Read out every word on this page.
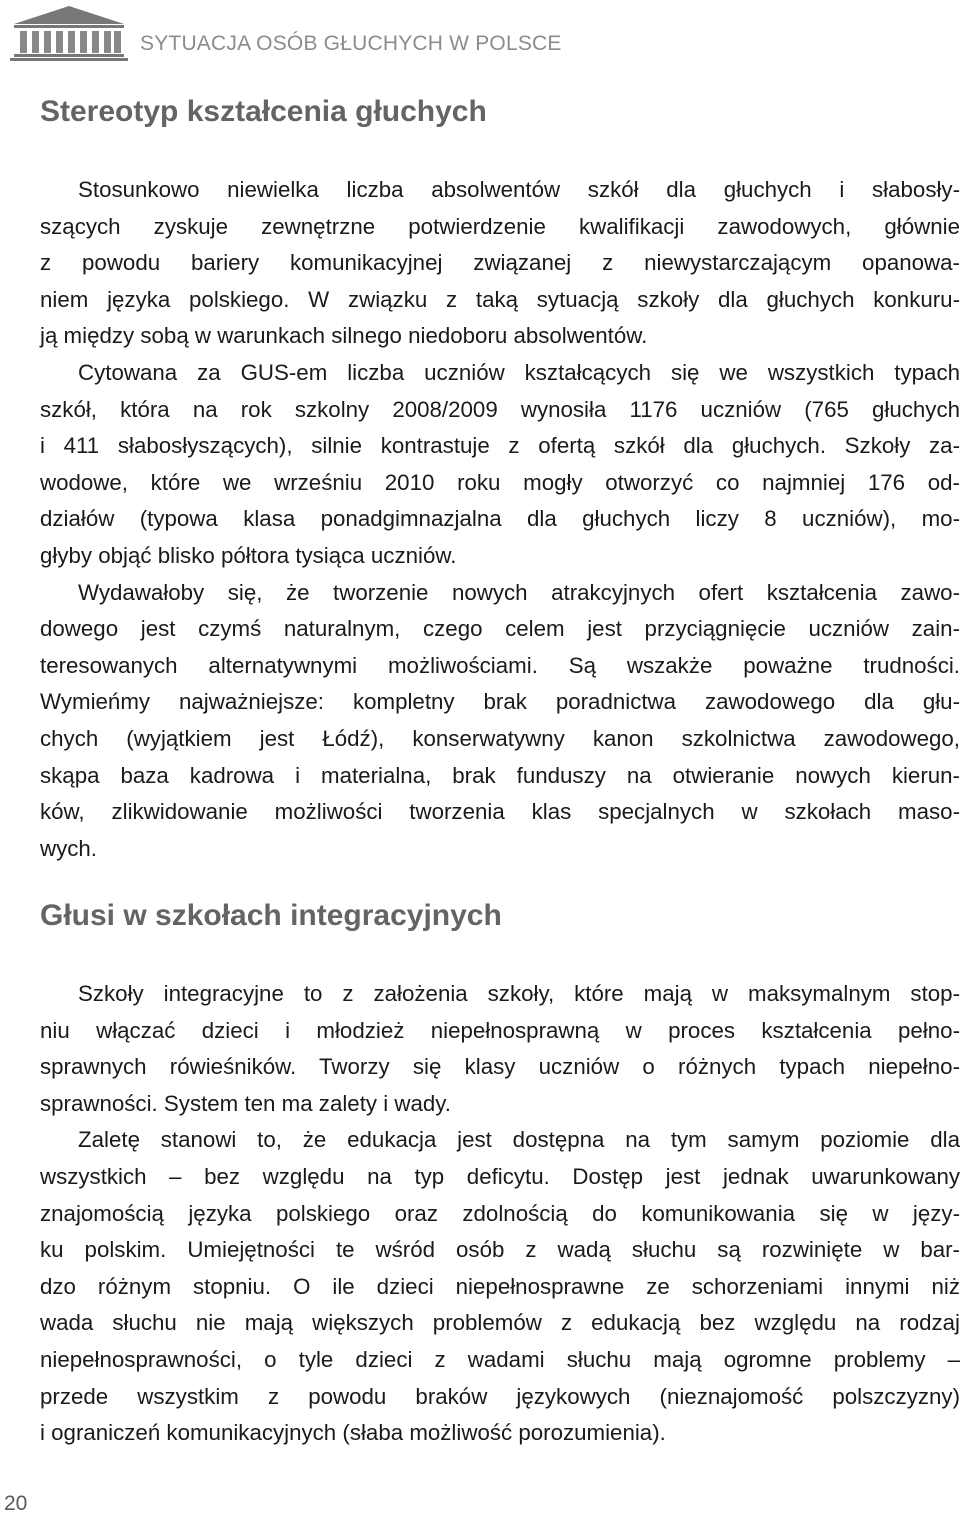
SYTUACJA OSÓB GŁUCHYCH W POLSCE
Stereotyp kształcenia głuchych

Stosunkowo niewielka liczba absolwentów szkół dla głuchych i słabosły-
szących zyskuje zewnętrzne potwierdzenie kwalifikacji zawodowych, głównie
z powodu bariery komunikacyjnej związanej z niewystarczającym opanowa-
niem języka polskiego. W związku z taką sytuacją szkoły dla głuchych konkuru-
ją między sobą w warunkach silnego niedoboru absolwentów.

Cytowana za GUS-em liczba uczniów kształcących się we wszystkich typach
szkół, która na rok szkolny 2008/2009 wynosiła 1176 uczniów (765 głuchych
i 411 słabosłyszących), silnie kontrastuje z ofertą szkół dla głuchych. Szkoły za-
wodowe, które we wrześniu 2010 roku mogły otworzyć co najmniej 176 od-
działów (typowa klasa ponadgimnazjalna dla głuchych liczy 8 uczniów), mo-
głyby objąć blisko półtora tysiąca uczniów.

Wydawałoby się, że tworzenie nowych atrakcyjnych ofert kształcenia zawo-
dowego jest czymś naturalnym, czego celem jest przyciągnięcie uczniów zain-
teresowanych alternatywnymi możliwościami. Są wszakże poważne trudności.
Wymieńmy najważniejsze: kompletny brak poradnictwa zawodowego dla głu-
chych (wyjątkiem jest Łódź), konserwatywny kanon szkolnictwa zawodowego,
skąpa baza kadrowa i materialna, brak funduszy na otwieranie nowych kierun-
ków, zlikwidowanie możliwości tworzenia klas specjalnych w szkołach maso-
wych.

Głusi w szkołach integracyjnych

Szkoły integracyjne to z założenia szkoły, które mają w maksymalnym stop-
niu włączać dzieci i młodzież niepełnosprawną w proces kształcenia pełno-
sprawnych rówieśników. Tworzy się klasy uczniów o różnych typach niepełno-
sprawności. System ten ma zalety i wady.

Zaletę stanowi to, że edukacja jest dostępna na tym samym poziomie dla
wszystkich – bez względu na typ deficytu. Dostęp jest jednak uwarunkowany
znajomością języka polskiego oraz zdolnością do komunikowania się w języ-
ku polskim. Umiejętności te wśród osób z wadą słuchu są rozwinięte w bar-
dzo różnym stopniu. O ile dzieci niepełnosprawne ze schorzeniami innymi niż
wada słuchu nie mają większych problemów z edukacją bez względu na rodzaj
niepełnosprawności, o tyle dzieci z wadami słuchu mają ogromne problemy –
przede wszystkim z powodu braków językowych (nieznajomość polszczyzny)
i ograniczeń komunikacyjnych (słaba możliwość porozumienia).

20
